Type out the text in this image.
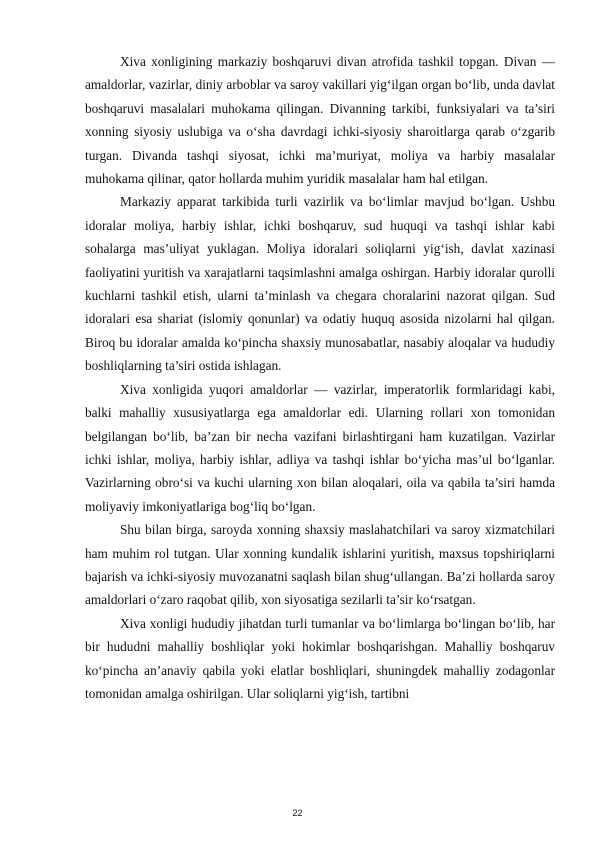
Xiva xonligining markaziy boshqaruvi divan atrofida tashkil topgan. Divan — amaldorlar, vazirlar, diniy arboblar va saroy vakillari yig‘ilgan organ bo‘lib, unda davlat boshqaruvi masalalari muhokama qilingan. Divanning tarkibi, funksiyalari va ta’siri xonning siyosiy uslubiga va o‘sha davrdagi ichki-siyosiy sharoitlarga qarab o‘zgarib turgan. Divanda tashqi siyosat, ichki ma’muriyat, moliya va harbiy masalalar muhokama qilinar, qator hollarda muhim yuridik masalalar ham hal etilgan.

Markaziy apparat tarkibida turli vazirlik va bo‘limlar mavjud bo‘lgan. Ushbu idoralar moliya, harbiy ishlar, ichki boshqaruv, sud huquqi va tashqi ishlar kabi sohalarga mas’uliyat yuklagan. Moliya idoralari soliqlarni yig‘ish, davlat xazinasi faoliyatini yuritish va xarajatlarni taqsimlashni amalga oshirgan. Harbiy idoralar qurolli kuchlarni tashkil etish, ularni ta’minlash va chegara choralarini nazorat qilgan. Sud idoralari esa shariat (islomiy qonunlar) va odatiy huquq asosida nizolarni hal qilgan. Biroq bu idoralar amalda ko‘pincha shaxsiy munosabatlar, nasabiy aloqalar va hududiy boshliqlarning ta’siri ostida ishlagan.

Xiva xonligida yuqori amaldorlar — vazirlar, imperatorlik formlaridagi kabi, balki mahalliy xususiyatlarga ega amaldorlar edi. Ularning rollari xon tomonidan belgilangan bo‘lib, ba’zan bir necha vazifani birlashtirgani ham kuzatilgan. Vazirlar ichki ishlar, moliya, harbiy ishlar, adliya va tashqi ishlar bo‘yicha mas’ul bo‘lganlar. Vazirlarning obro‘si va kuchi ularning xon bilan aloqalari, oila va qabila ta’siri hamda moliyaviy imkoniyatlariga bog‘liq bo‘lgan.

Shu bilan birga, saroyda xonning shaxsiy maslahatchilari va saroy xizmatchilari ham muhim rol tutgan. Ular xonning kundalik ishlarini yuritish, maxsus topshiriqlarni bajarish va ichki-siyosiy muvozanatni saqlash bilan shug‘ullangan. Ba’zi hollarda saroy amaldorlari o‘zaro raqobat qilib, xon siyosatiga sezilarli ta’sir ko‘rsatgan.

Xiva xonligi hududiy jihatdan turli tumanlar va bo‘limlarga bo‘lingan bo‘lib, har bir hududni mahalliy boshliqlar yoki hokimlar boshqarishgan. Mahalliy boshqaruv ko‘pincha an’anaviy qabila yoki elatlar boshliqlari, shuningdek mahalliy zodagonlar tomonidan amalga oshirilgan. Ular soliqlarni yig‘ish, tartibni

22
